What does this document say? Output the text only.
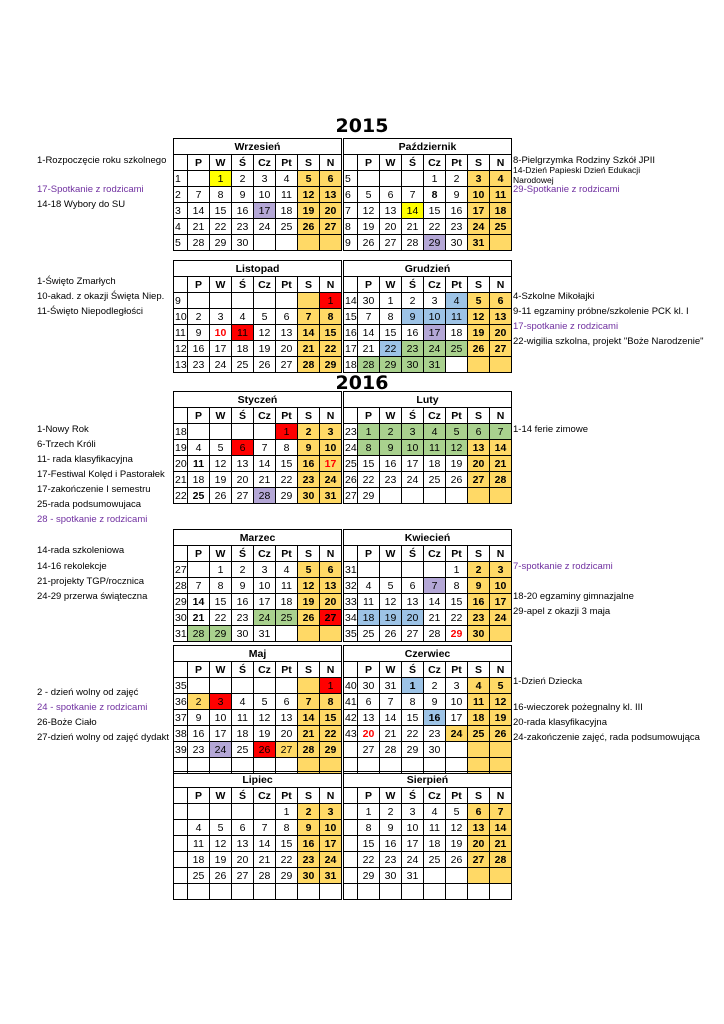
2015
2016
Wrzesień							
	P	W	Ś	Cz	Pt	S	N
1		1	2	3	4	5	6
2	7	8	9	10	11	12	13
3	14	15	16	17	18	19	20
4	21	22	23	24	25	26	27
5	28	29	30				
Październik							
	P	W	Ś	Cz	Pt	S	N
5				1	2	3	4
6	5	6	7	8	9	10	11
7	12	13	14	15	16	17	18
8	19	20	21	22	23	24	25
9	26	27	28	29	30	31	
Listopad							
	P	W	Ś	Cz	Pt	S	N
9							1
10	2	3	4	5	6	7	8
11	9	10	11	12	13	14	15
12	16	17	18	19	20	21	22
13	23	24	25	26	27	28	29
Grudzień							
	P	W	Ś	Cz	Pt	S	N
14	30	1	2	3	4	5	6
15	7	8	9	10	11	12	13
16	14	15	16	17	18	19	20
17	21	22	23	24	25	26	27
18	28	29	30	31			
Styczeń							
	P	W	Ś	Cz	Pt	S	N
18					1	2	3
19	4	5	6	7	8	9	10
20	11	12	13	14	15	16	17
21	18	19	20	21	22	23	24
22	25	26	27	28	29	30	31
Luty							
	P	W	Ś	Cz	Pt	S	N
23	1	2	3	4	5	6	7
24	8	9	10	11	12	13	14
25	15	16	17	18	19	20	21
26	22	23	24	25	26	27	28
27	29						
Marzec							
	P	W	Ś	Cz	Pt	S	N
27		1	2	3	4	5	6
28	7	8	9	10	11	12	13
29	14	15	16	17	18	19	20
30	21	22	23	24	25	26	27
31	28	29	30	31			
Kwiecień							
	P	W	Ś	Cz	Pt	S	N
31					1	2	3
32	4	5	6	7	8	9	10
33	11	12	13	14	15	16	17
34	18	19	20	21	22	23	24
35	25	26	27	28	29	30	
Maj							
	P	W	Ś	Cz	Pt	S	N
35							1
36	2	3	4	5	6	7	8
37	9	10	11	12	13	14	15
38	16	17	18	19	20	21	22
39	23	24	25	26	27	28	29

Czerwiec							
	P	W	Ś	Cz	Pt	S	N
40	30	31	1	2	3	4	5
41	6	7	8	9	10	11	12
42	13	14	15	16	17	18	19
43	20	21	22	23	24	25	26
	27	28	29	30			

Lipiec							
	P	W	Ś	Cz	Pt	S	N
					1	2	3
	4	5	6	7	8	9	10
	11	12	13	14	15	16	17
	18	19	20	21	22	23	24
	25	26	27	28	29	30	31

Sierpień							
	P	W	Ś	Cz	Pt	S	N
	1	2	3	4	5	6	7
	8	9	10	11	12	13	14
	15	16	17	18	19	20	21
	22	23	24	25	26	27	28
	29	30	31				

1-Rozpoczęcie roku szkolnego
17-Spotkanie z rodzicami
14-18 Wybory do SU
1-Święto Zmarłych
10-akad. z okazji Święta Niep.
11-Święto Niepodległości
1-Nowy Rok
6-Trzech Króli
11- rada klasyfikacyjna
17-Festiwal Kolęd i Pastorałek
17-zakończenie I semestru
25-rada podsumowujaca
28 - spotkanie z rodzicami
14-rada szkoleniowa
14-16 rekolekcje
21-projekty TGP/rocznica
24-29 przerwa świąteczna
2 - dzień wolny od zajęć
24 - spotkanie z rodzicami
26-Boże Ciało
27-dzień wolny od zajęć dydakt
8-Pielgrzymka Rodziny Szkół JPII
14-Dzień Papieski Dzień Edukacji
Narodowej
29-Spotkanie z rodzicami
4-Szkolne Mikołajki
9-11 egzaminy próbne/szkolenie PCK kl. I
17-spotkanie z rodzicami
22-wigilia szkolna, projekt "Boże Narodzenie"
1-14 ferie zimowe
7-spotkanie z rodzicami
18-20 egzaminy gimnazjalne
29-apel z okazji 3 maja
1-Dzień Dziecka
16-wieczorek pożegnalny kl. III
20-rada klasyfikacyjna
24-zakończenie zajęć, rada podsumowująca
